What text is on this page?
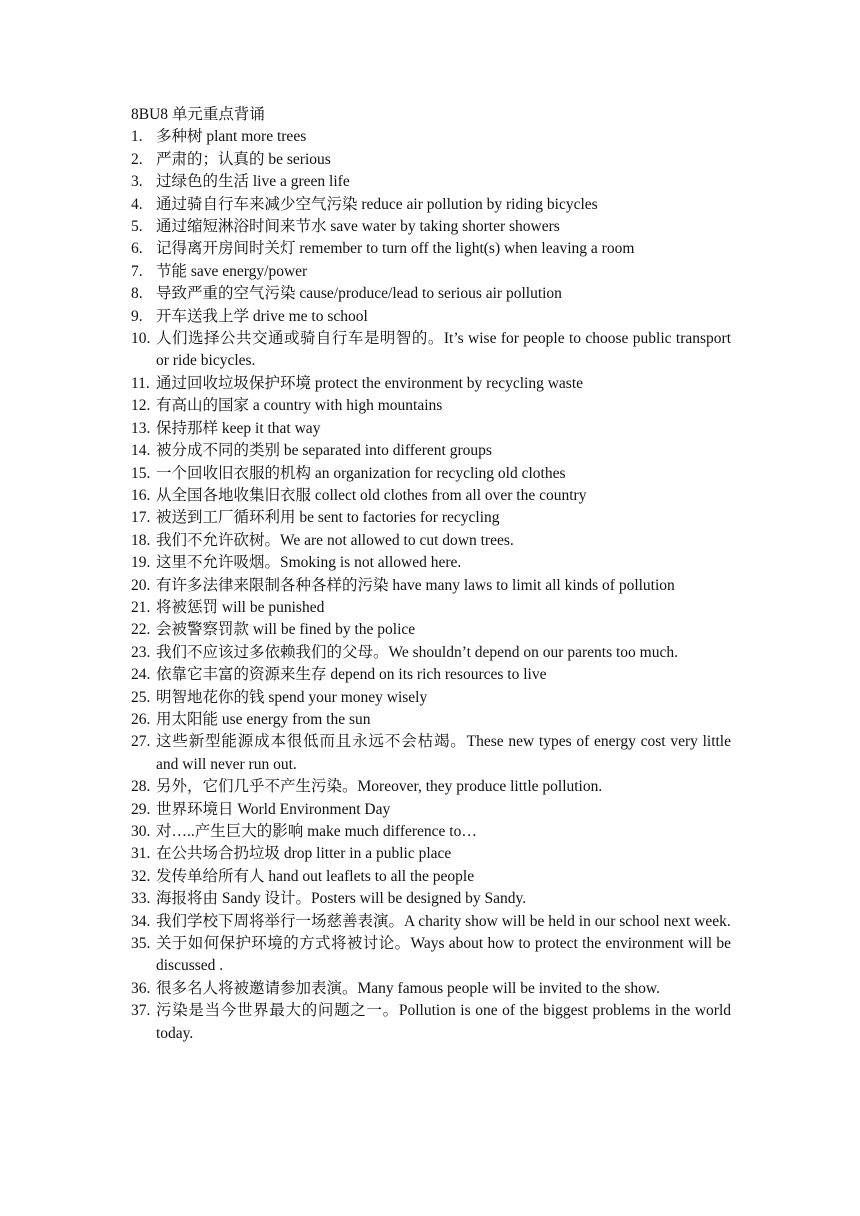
8BU8 单元重点背诵
1. 多种树 plant more trees
2. 严肃的；认真的 be serious
3. 过绿色的生活 live a green life
4. 通过骑自行车来减少空气污染 reduce air pollution by riding bicycles
5. 通过缩短淋浴时间来节水 save water by taking shorter showers
6. 记得离开房间时关灯 remember to turn off the light(s) when leaving a room
7. 节能 save energy/power
8. 导致严重的空气污染 cause/produce/lead to serious air pollution
9. 开车送我上学 drive me to school
10. 人们选择公共交通或骑自行车是明智的。It’s wise for people to choose public transport or ride bicycles.
11. 通过回收垃圾保护环境 protect the environment by recycling waste
12. 有高山的国家 a country with high mountains
13. 保持那样 keep it that way
14. 被分成不同的类别 be separated into different groups
15. 一个回收旧衣服的机构 an organization for recycling old clothes
16. 从全国各地收集旧衣服 collect old clothes from all over the country
17. 被送到工厂循环利用 be sent to factories for recycling
18. 我们不允许砍树。We are not allowed to cut down trees.
19. 这里不允许吸烟。Smoking is not allowed here.
20. 有许多法律来限制各种各样的污染 have many laws to limit all kinds of pollution
21. 将被惩罚 will be punished
22. 会被警察罚款 will be fined by the police
23. 我们不应该过多依赖我们的父母。We shouldn’t depend on our parents too much.
24. 依靠它丰富的资源来生存 depend on its rich resources to live
25. 明智地花你的钱 spend your money wisely
26. 用太阳能 use energy from the sun
27. 这些新型能源成本很低而且永远不会枯竭。These new types of energy cost very little and will never run out.
28. 另外，它们几乎不产生污染。Moreover, they produce little pollution.
29. 世界环境日 World Environment Day
30. 对…..产生巨大的影响 make much difference to…
31. 在公共场合扔垃圾 drop litter in a public place
32. 发传单给所有人 hand out leaflets to all the people
33. 海报将由 Sandy 设计。Posters will be designed by Sandy.
34. 我们学校下周将举行一场慈善表演。A charity show will be held in our school next week.
35. 关于如何保护环境的方式将被讨论。Ways about how to protect the environment will be discussed .
36. 很多名人将被邀请参加表演。Many famous people will be invited to the show.
37. 污染是当今世界最大的问题之一。Pollution is one of the biggest problems in the world today.
